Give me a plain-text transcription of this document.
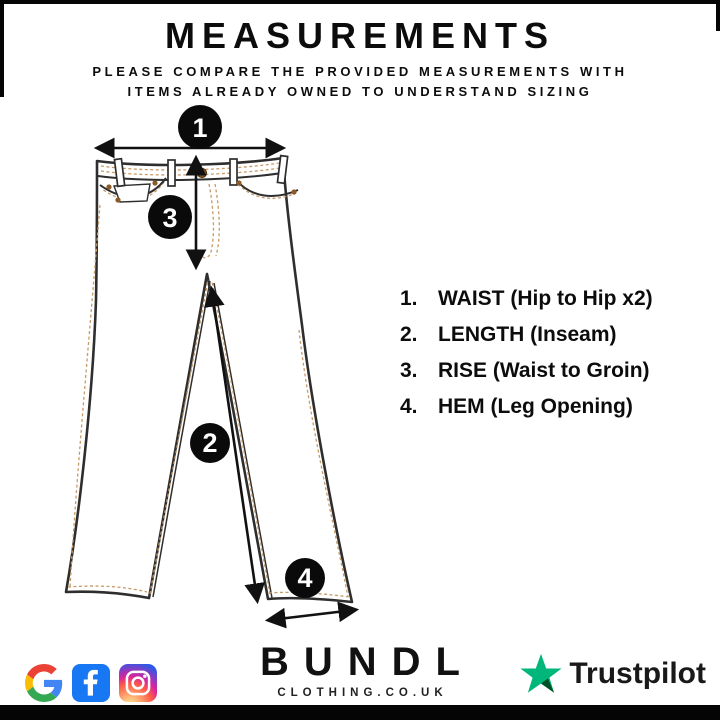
MEASUREMENTS
PLEASE COMPARE THE PROVIDED MEASUREMENTS WITH
ITEMS ALREADY OWNED TO UNDERSTAND SIZING
1
3
2
4
1. WAIST (Hip to Hip x2)
2. LENGTH (Inseam)
3. RISE (Waist to Groin)
4. HEM (Leg Opening)
BUNDL
CLOTHING.CO.UK
Trustpilot
